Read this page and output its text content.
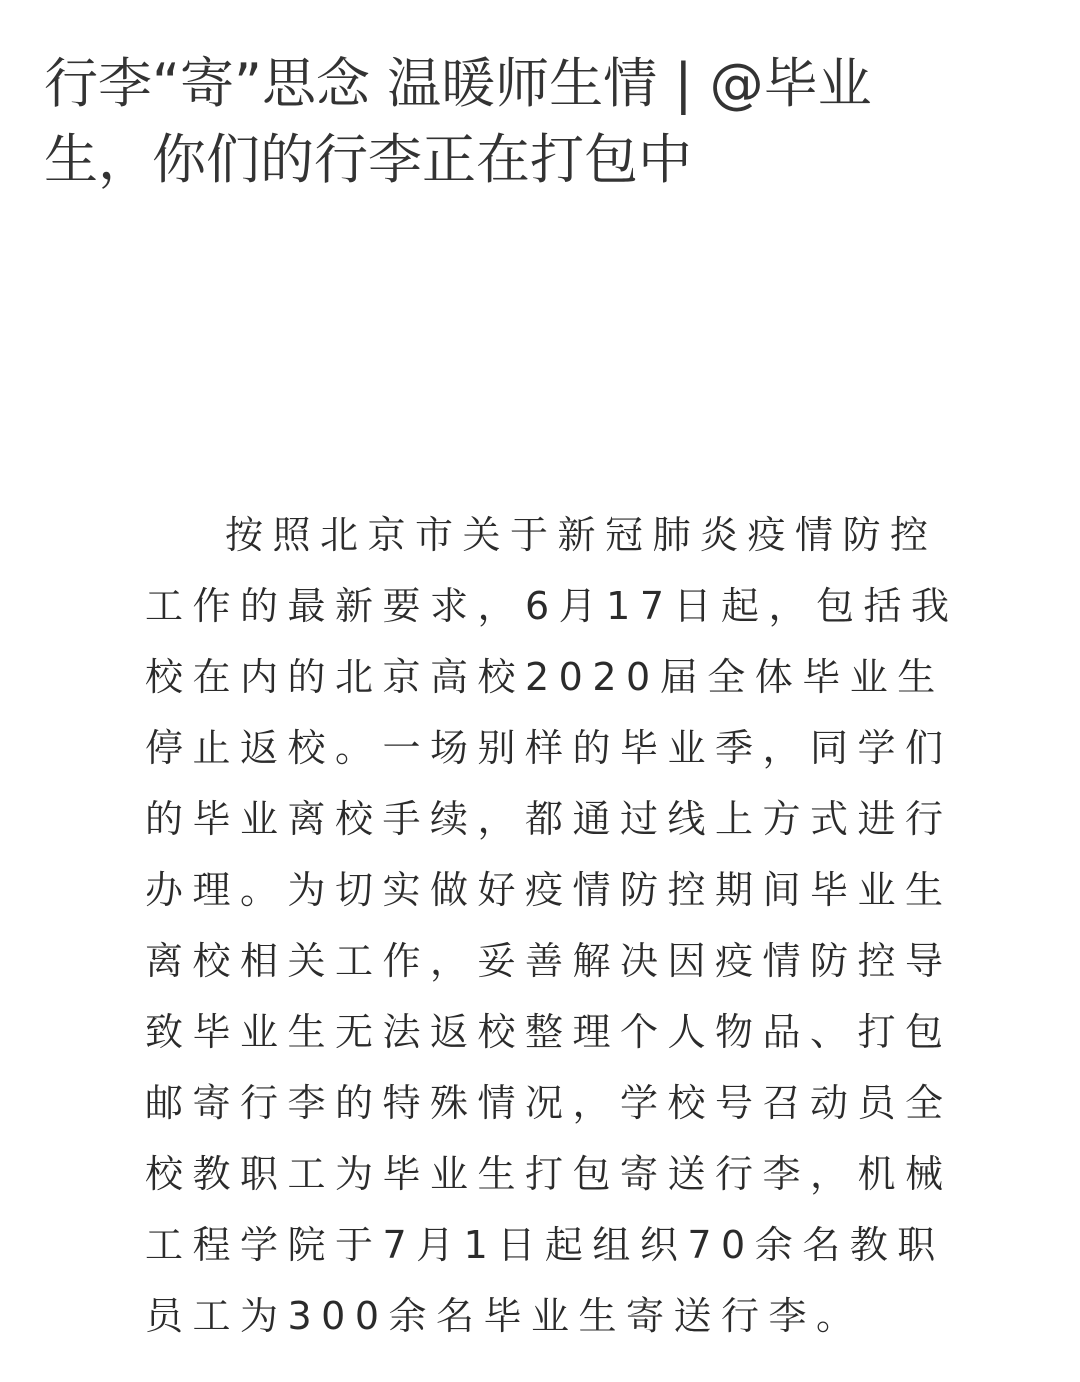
行李“寄”思念 温暖师生情 | @毕业
生，你们的行李正在打包中
按照北京市关于新冠肺炎疫情防控
工作的最新要求，6月17日起，包括我
校在内的北京高校2020届全体毕业生
停止返校。一场别样的毕业季，同学们
的毕业离校手续，都通过线上方式进行
办理。为切实做好疫情防控期间毕业生
离校相关工作，妥善解决因疫情防控导
致毕业生无法返校整理个人物品、打包
邮寄行李的特殊情况，学校号召动员全
校教职工为毕业生打包寄送行李，机械
工程学院于7月1日起组织70余名教职
员工为300余名毕业生寄送行李。
